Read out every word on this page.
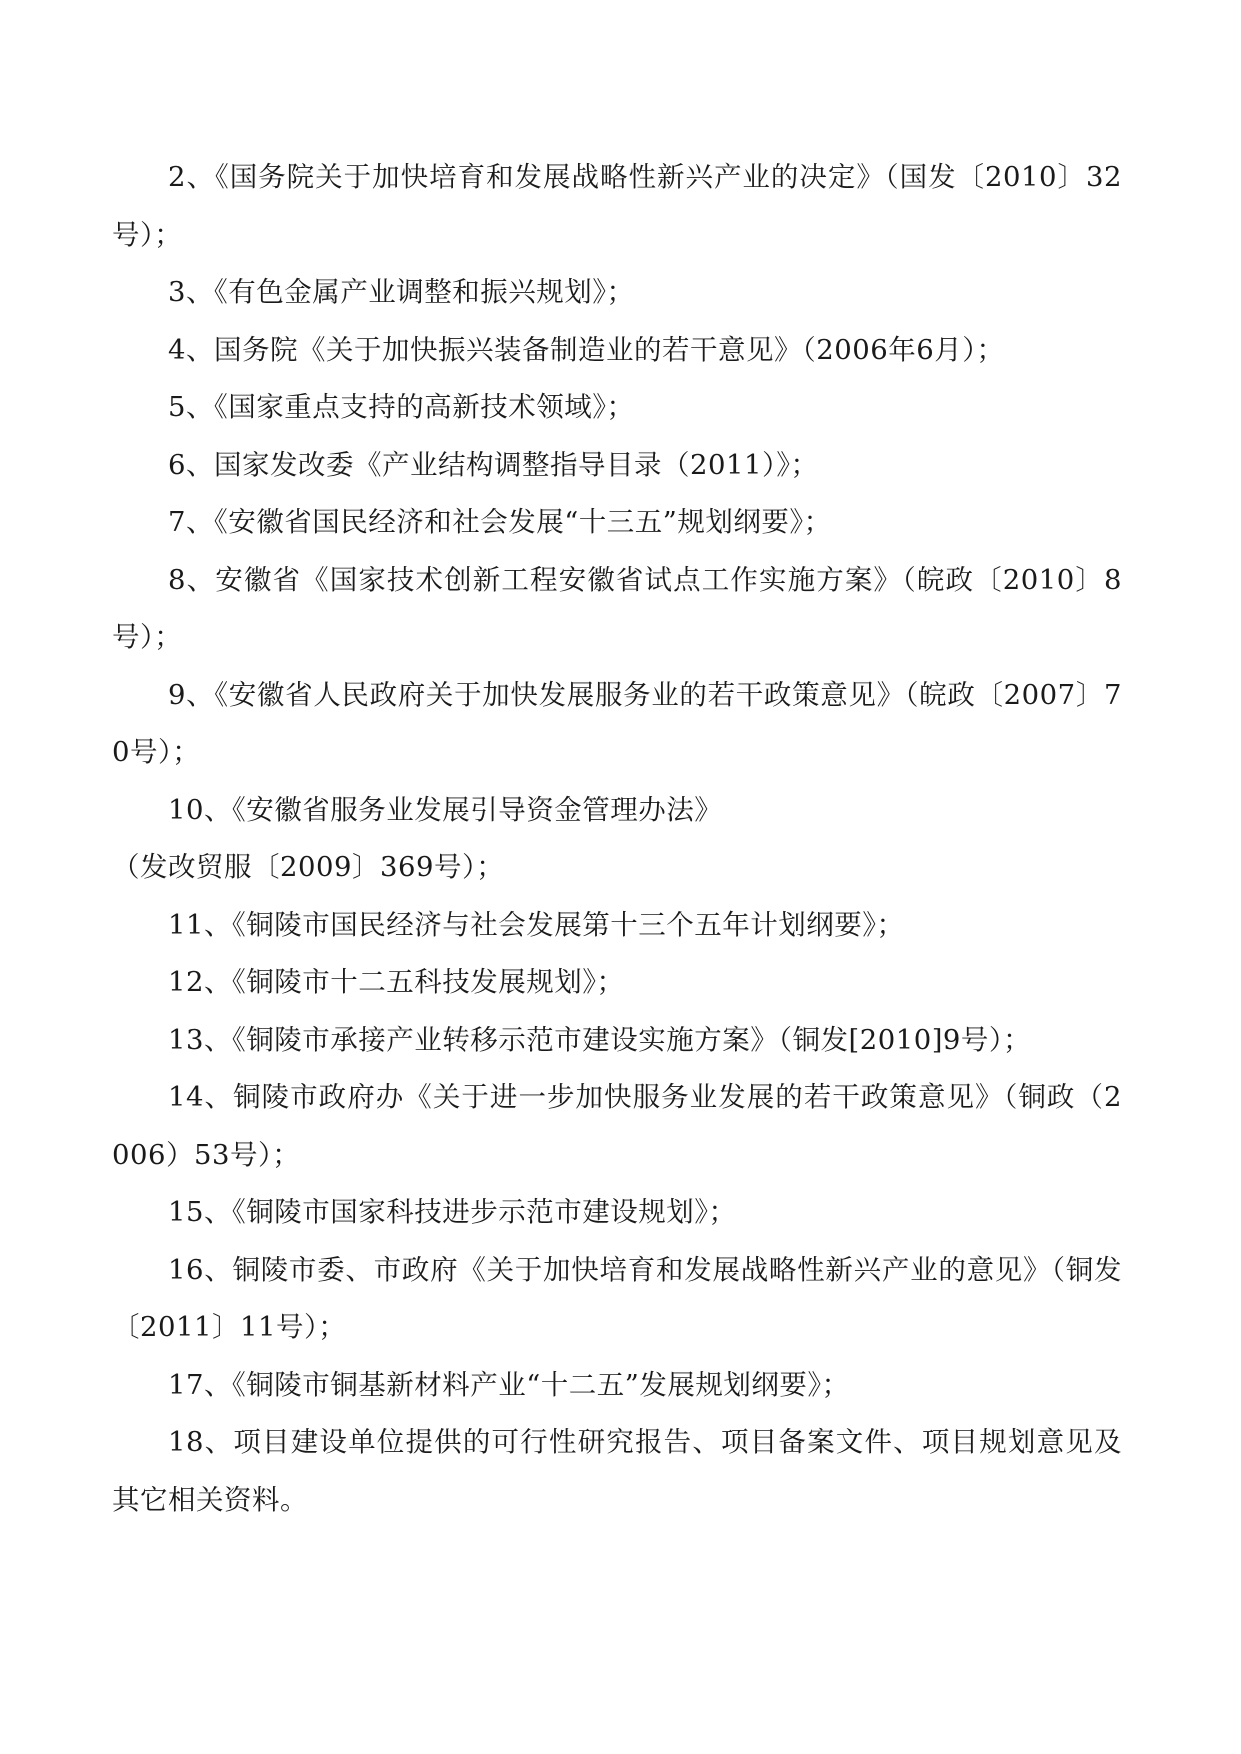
2、《国务院关于加快培育和发展战略性新兴产业的决定》（国发〔2010〕32号）；

3、《有色金属产业调整和振兴规划》；

4、国务院《关于加快振兴装备制造业的若干意见》（2006年6月）；

5、《国家重点支持的高新技术领域》；

6、国家发改委《产业结构调整指导目录（2011）》；

7、《安徽省国民经济和社会发展“十三五”规划纲要》；

8、安徽省《国家技术创新工程安徽省试点工作实施方案》（皖政〔2010〕8号）；

9、《安徽省人民政府关于加快发展服务业的若干政策意见》（皖政〔2007〕70号）；

10、《安徽省服务业发展引导资金管理办法》

（发改贸服〔2009〕369号）；

11、《铜陵市国民经济与社会发展第十三个五年计划纲要》；

12、《铜陵市十二五科技发展规划》；

13、《铜陵市承接产业转移示范市建设实施方案》（铜发[2010]9号）；

14、铜陵市政府办《关于进一步加快服务业发展的若干政策意见》（铜政（2006）53号）；

15、《铜陵市国家科技进步示范市建设规划》；

16、铜陵市委、市政府《关于加快培育和发展战略性新兴产业的意见》（铜发〔2011〕11号）；

17、《铜陵市铜基新材料产业“十二五”发展规划纲要》；

18、项目建设单位提供的可行性研究报告、项目备案文件、项目规划意见及其它相关资料。
